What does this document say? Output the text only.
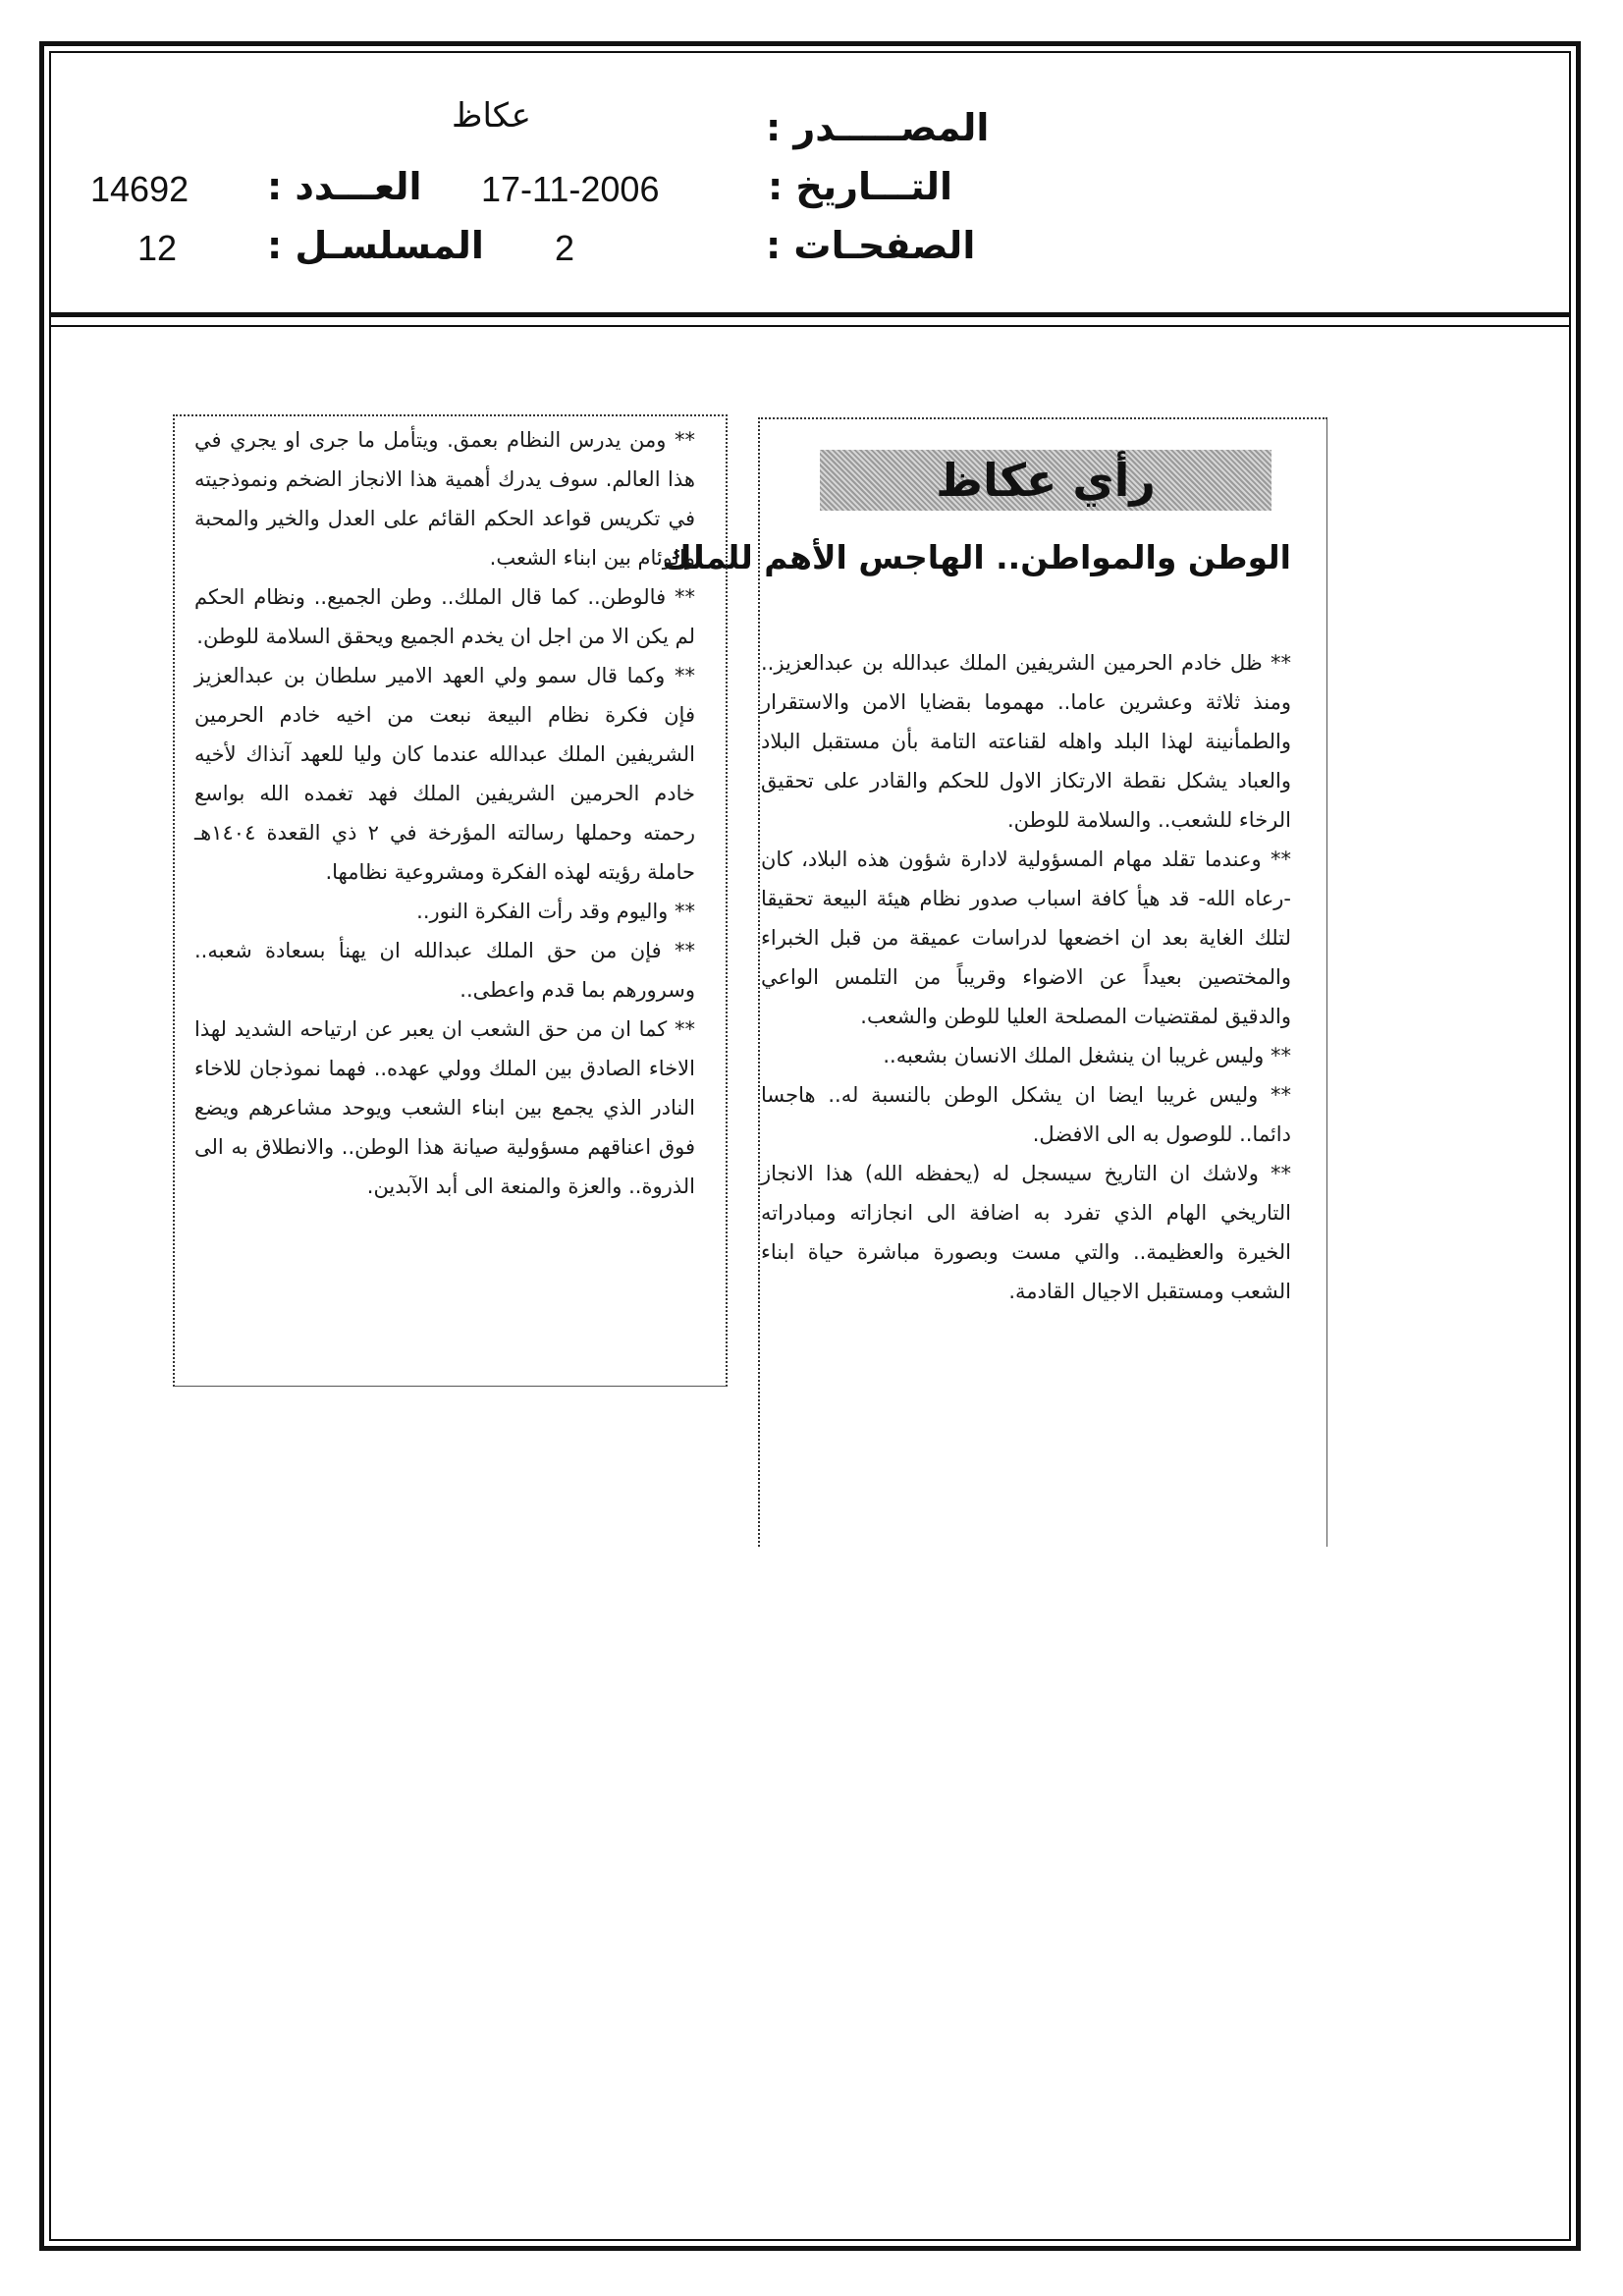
المصـــــدر :
عكاظ
التـــاريخ :
17-11-2006
العـــدد :
14692
الصفحـات :
2
المسلسـل :
12
رأي عكاظ
الوطن والمواطن.. الهاجس الأهم للملك

** ظل خادم الحرمين الشريفين الملك عبدالله بن عبدالعزيز.. ومنذ ثلاثة وعشرين عاما.. مهموما بقضايا الامن والاستقرار والطمأنينة لهذا البلد واهله لقناعته التامة بأن مستقبل البلاد والعباد يشكل نقطة الارتكاز الاول للحكم والقادر على تحقيق الرخاء للشعب.. والسلامة للوطن.

** وعندما تقلد مهام المسؤولية لادارة شؤون هذه البلاد، كان -رعاه الله- قد هيأ كافة اسباب صدور نظام هيئة البيعة تحقيقا لتلك الغاية بعد ان اخضعها لدراسات عميقة من قبل الخبراء والمختصين بعيداً عن الاضواء وقريباً من التلمس الواعي والدقيق لمقتضيات المصلحة العليا للوطن والشعب.

** وليس غريبا ان ينشغل الملك الانسان بشعبه..

** وليس غريبا ايضا ان يشكل الوطن بالنسبة له.. هاجسا دائما.. للوصول به الى الافضل.

** ولاشك ان التاريخ سيسجل له (يحفظه الله) هذا الانجاز التاريخي الهام الذي تفرد به اضافة الى انجازاته ومبادراته الخيرة والعظيمة.. والتي مست وبصورة مباشرة حياة ابناء الشعب ومستقبل الاجيال القادمة.

** ومن يدرس النظام بعمق. ويتأمل ما جرى او يجري في هذا العالم. سوف يدرك أهمية هذا الانجاز الضخم ونموذجيته في تكريس قواعد الحكم القائم على العدل والخير والمحبة والوئام بين ابناء الشعب.

** فالوطن.. كما قال الملك.. وطن الجميع.. ونظام الحكم لم يكن الا من اجل ان يخدم الجميع ويحقق السلامة للوطن.

** وكما قال سمو ولي العهد الامير سلطان بن عبدالعزيز فإن فكرة نظام البيعة نبعت من اخيه خادم الحرمين الشريفين الملك عبدالله عندما كان وليا للعهد آنذاك لأخيه خادم الحرمين الشريفين الملك فهد تغمده الله بواسع رحمته وحملها رسالته المؤرخة في ٢ ذي القعدة ١٤٠٤هـ حاملة رؤيته لهذه الفكرة ومشروعية نظامها.

** واليوم وقد رأت الفكرة النور..

** فإن من حق الملك عبدالله ان يهنأ بسعادة شعبه.. وسرورهم بما قدم واعطى..

** كما ان من حق الشعب ان يعبر عن ارتياحه الشديد لهذا الاخاء الصادق بين الملك وولي عهده.. فهما نموذجان للاخاء النادر الذي يجمع بين ابناء الشعب ويوحد مشاعرهم ويضع فوق اعناقهم مسؤولية صيانة هذا الوطن.. والانطلاق به الى الذروة.. والعزة والمنعة الى أبد الآبدين.
